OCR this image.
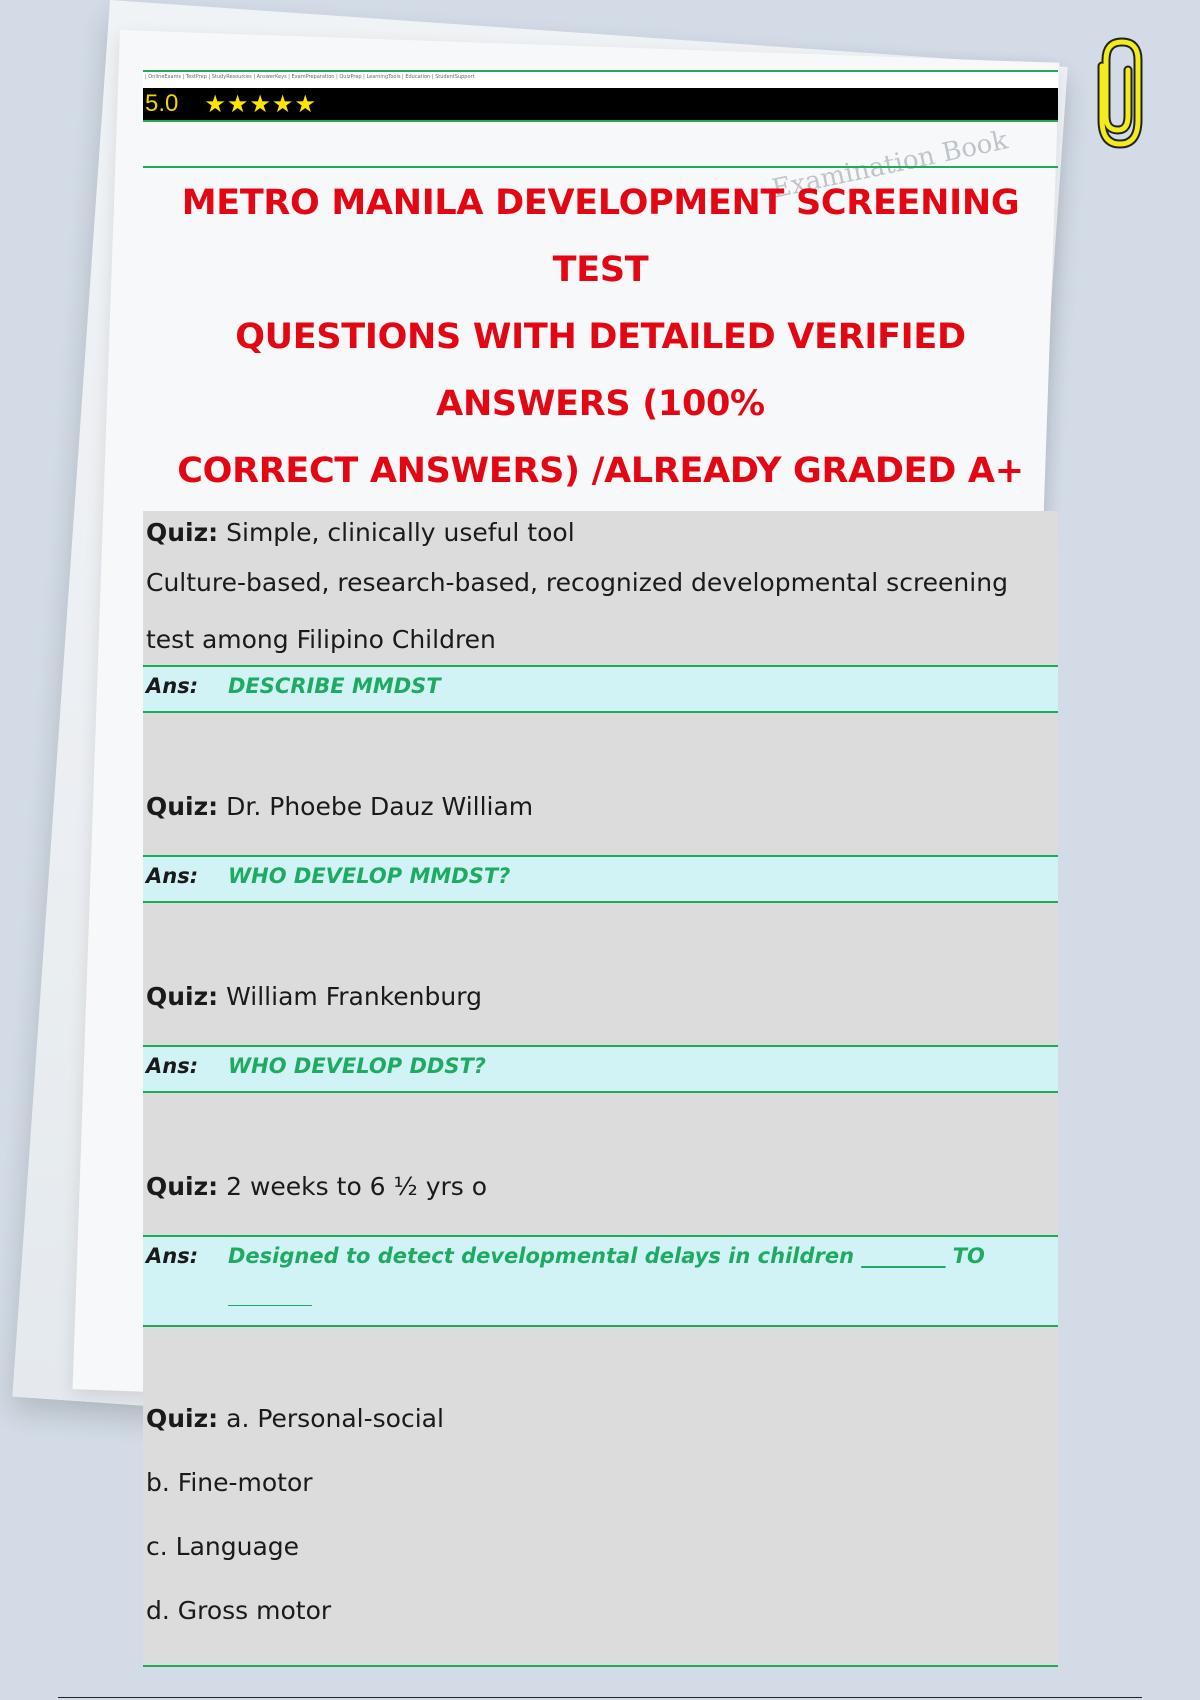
Examination Book
| OnlineExams | TestPrep | StudyResources | AnswerKeys | ExamPreparation | QuizPrep | LearningTools | Education | StudentSupport
5.0 ★★★★★
METRO MANILA DEVELOPMENT SCREENING TEST
QUESTIONS WITH DETAILED VERIFIED ANSWERS (100%
CORRECT ANSWERS) /ALREADY GRADED A+

Quiz: Simple, clinically useful tool

Culture-based, research-based, recognized developmental screening

test among Filipino Children

Ans:	DESCRIBE MMDST

Quiz: Dr. Phoebe Dauz William

Ans:	WHO DEVELOP MMDST?

Quiz: William Frankenburg

Ans:	WHO DEVELOP DDST?

Quiz: 2 weeks to 6 ½ yrs o

Ans:	Designed to detect developmental delays in children ________ TO

Quiz: a. Personal-social

b. Fine-motor

c. Language

d. Gross motor
